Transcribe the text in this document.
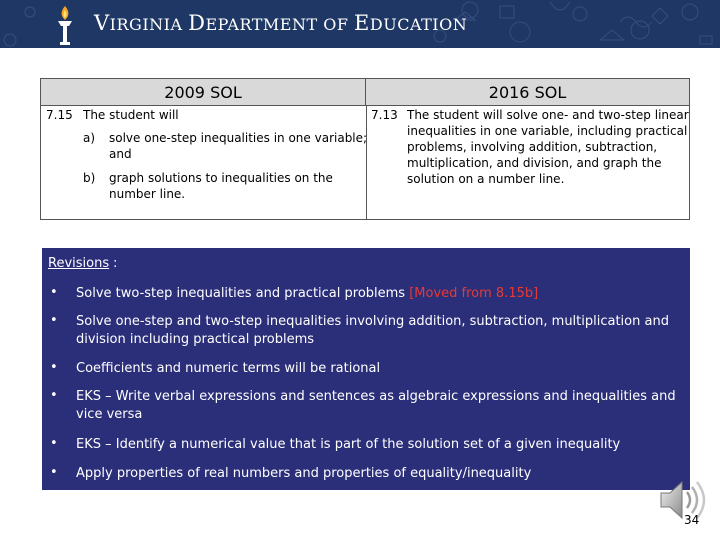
VIRGINIA DEPARTMENT OF EDUCATION
2009 SOL	2016 SOL
7.15 The student will
a) solve one-step inequalities in one variable;
and
b) graph solutions to inequalities on the
number line.
7.13 The student will solve one- and two-step linear
inequalities in one variable, including practical
problems, involving addition, subtraction,
multiplication, and division, and graph the
solution on a number line.
Revisions :
• Solve two-step inequalities and practical problems [Moved from 8.15b]
• Solve one-step and two-step inequalities involving addition, subtraction, multiplication and
division including practical problems
• Coefficients and numeric terms will be rational
• EKS – Write verbal expressions and sentences as algebraic expressions and inequalities and
vice versa
• EKS – Identify a numerical value that is part of the solution set of a given inequality
• Apply properties of real numbers and properties of equality/inequality
34
